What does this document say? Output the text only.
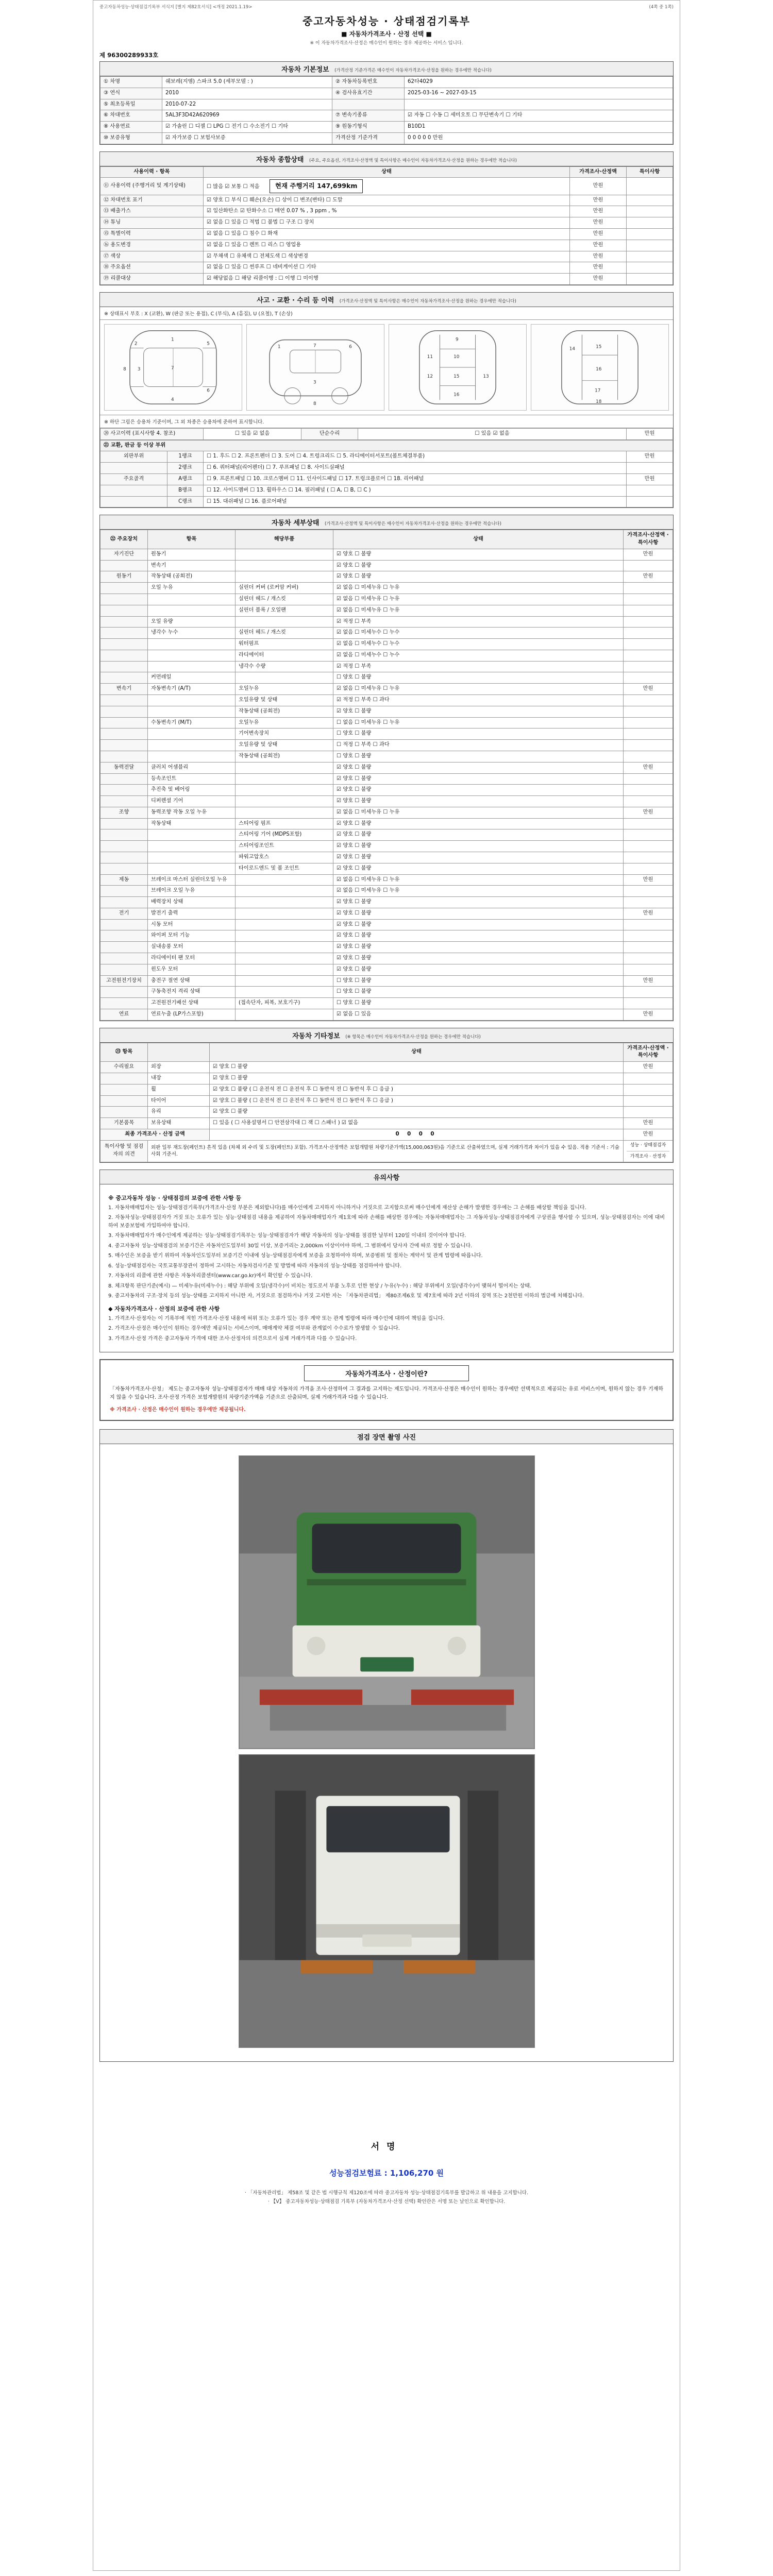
중고자동차성능·상태점검기록부 서식지 [별지 제82호서식] <개정 2021.1.19>	(4쪽 중 1쪽)
중고자동차성능 · 상태점검기록부
■ 자동차가격조사 · 산정 선택 ■
※ 이 자동차가격조사·산정은 매수인이 원하는 경우 제공하는 서비스 입니다.
제 96300289933호
자동차 기본정보 (가격산정 기준가격은 매수인이 자동차가격조사·산정을 원하는 경우에만 적습니다)
① 차명	쉐보레(지엠) 스파크 5.0 (세부모델 : )	② 자동차등록번호	62타4029
③ 연식	2010	④ 검사유효기간	2025-03-16 ~ 2027-03-15
⑤ 최초등록일	2010-07-22		
⑥ 차대번호	5AL3F3D42A620969	⑦ 변속기종류	☑ 자동 ☐ 수동 ☐ 세미오토 ☐ 무단변속기 ☐ 기타
⑧ 사용연료	☑ 가솔린 ☐ 디젤 ☐ LPG ☐ 전기 ☐ 수소전기 ☐ 기타	⑨ 원동기형식	B10D1
⑩ 보증유형	☑ 자가보증 ☐ 보험사보증	가격산정 기준가격	0 0 0 0 0 만원
자동차 종합상태 (주요, 주요옵션, 가격조사·산정액 및 특이사항은 매수인이 자동차가격조사·산정을 원하는 경우에만 적습니다)
사용이력 · 항목	상태	가격조사·산정액	특이사항
⑪ 사용이력 (주행거리 및 계기상태)	☐ 많음 ☑ 보통 ☐ 적음 현재 주행거리 147,699km	만원	
⑫ 차대번호 표기	☑ 양호 ☐ 부식 ☐ 훼손(오손) ☐ 상이 ☐ 변조(변타) ☐ 도말	만원	
⑬ 배출가스	☑ 일산화탄소 ☑ 탄화수소 ☐ 매연 0.07 % , 3 ppm , %	만원	
⑭ 튜닝	☑ 없음 ☐ 있음 ☐ 적법 ☐ 불법 ☐ 구조 ☐ 장치	만원	
⑮ 특별이력	☑ 없음 ☐ 있음 ☐ 침수 ☐ 화재	만원	
⑯ 용도변경	☑ 없음 ☐ 있음 ☐ 렌트 ☐ 리스 ☐ 영업용	만원	
⑰ 색상	☑ 무채색 ☐ 유채색 ☐ 전체도색 ☐ 색상변경	만원	
⑱ 주요옵션	☑ 없음 ☐ 있음 ☐ 썬루프 ☐ 네비게이션 ☐ 기타	만원	
⑲ 리콜대상	☑ 해당없음 ☐ 해당 리콜이행 : ☐ 이행 ☐ 미이행	만원	
사고 · 교환 · 수리 등 이력 (가격조사·산정액 및 특이사항은 매수인이 자동차가격조사·산정을 원하는 경우에만 적습니다)
※ 상태표시 부호 : X (교환), W (판금 또는 용접), C (부식), A (흠집), U (요철), T (손상)
1
2
3
4
5
6
7
8
1	6
3
7
8
9
10
11
12	13
15
16
14	15
16
17
18
※ 하단 그림은 승용차 기준이며, 그 외 차종은 승용차에 준하여 표시합니다.
⑳ 사고이력 (표시사항 4. 참조)	☐ 있음 ☑ 없음	단순수리	☐ 있음 ☑ 없음	만원
㉑ 교환, 판금 등 이상 부위			
외판부위	1랭크	☐ 1. 후드 ☐ 2. 프론트펜더 ☐ 3. 도어 ☐ 4. 트렁크리드 ☐ 5. 라디에이터서포트(볼트체결부품)	만원
	2랭크	☐ 6. 쿼터패널(리어펜더) ☐ 7. 루프패널 ☐ 8. 사이드실패널	
주요골격	A랭크	☐ 9. 프론트패널 ☐ 10. 크로스멤버 ☐ 11. 인사이드패널 ☐ 17. 트렁크플로어 ☐ 18. 리어패널	만원
	B랭크	☐ 12. 사이드멤버 ☐ 13. 휠하우스 ☐ 14. 필러패널 ( ☐ A, ☐ B, ☐ C )	
	C랭크	☐ 15. 대쉬패널 ☐ 16. 플로어패널	
자동차 세부상태 (가격조사·산정액 및 특이사항은 매수인이 자동차가격조사·산정을 원하는 경우에만 적습니다)
㉒ 주요장치	항목	해당부품	상태	가격조사·산정액 · 특이사항
자기진단	원동기		☑ 양호 ☐ 불량	만원
	변속기		☑ 양호 ☐ 불량	
원동기	작동상태 (공회전)		☑ 양호 ☐ 불량	만원
	오일 누유	실린더 커버 (로커암 커버)	☑ 없음 ☐ 미세누유 ☐ 누유	
		실린더 헤드 / 개스킷	☑ 없음 ☐ 미세누유 ☐ 누유	
		실린더 블록 / 오일팬	☑ 없음 ☐ 미세누유 ☐ 누유	
	오일 유량		☑ 적정 ☐ 부족	
	냉각수 누수	실린더 헤드 / 개스킷	☑ 없음 ☐ 미세누수 ☐ 누수	
		워터펌프	☑ 없음 ☐ 미세누수 ☐ 누수	
		라디에이터	☑ 없음 ☐ 미세누수 ☐ 누수	
		냉각수 수량	☑ 적정 ☐ 부족	
	커먼레일		☐ 양호 ☐ 불량	
변속기	자동변속기 (A/T)	오일누유	☑ 없음 ☐ 미세누유 ☐ 누유	만원
		오일유량 및 상태	☑ 적정 ☐ 부족 ☐ 과다	
		작동상태 (공회전)	☑ 양호 ☐ 불량	
	수동변속기 (M/T)	오일누유	☐ 없음 ☐ 미세누유 ☐ 누유	
		기어변속장치	☐ 양호 ☐ 불량	
		오일유량 및 상태	☐ 적정 ☐ 부족 ☐ 과다	
		작동상태 (공회전)	☐ 양호 ☐ 불량	
동력전달	클러치 어셈블리		☑ 양호 ☐ 불량	만원
	등속조인트		☑ 양호 ☐ 불량	
	추진축 및 베어링		☑ 양호 ☐ 불량	
	디퍼렌셜 기어		☑ 양호 ☐ 불량	
조향	동력조향 작동 오일 누유		☑ 없음 ☐ 미세누유 ☐ 누유	만원
	작동상태	스티어링 펌프	☑ 양호 ☐ 불량	
		스티어링 기어 (MDPS포함)	☑ 양호 ☐ 불량	
		스티어링조인트	☑ 양호 ☐ 불량	
		파워고압호스	☑ 양호 ☐ 불량	
		타이로드엔드 및 볼 조인트	☑ 양호 ☐ 불량	
제동	브레이크 마스터 실린더오일 누유		☑ 없음 ☐ 미세누유 ☐ 누유	만원
	브레이크 오일 누유		☑ 없음 ☐ 미세누유 ☐ 누유	
	배력장치 상태		☑ 양호 ☐ 불량	
전기	발전기 출력		☑ 양호 ☐ 불량	만원
	시동 모터		☑ 양호 ☐ 불량	
	와이퍼 모터 기능		☑ 양호 ☐ 불량	
	실내송풍 모터		☑ 양호 ☐ 불량	
	라디에이터 팬 모터		☑ 양호 ☐ 불량	
	윈도우 모터		☑ 양호 ☐ 불량	
고전원전기장치	충전구 절연 상태		☐ 양호 ☐ 불량	만원
	구동축전지 격리 상태		☐ 양호 ☐ 불량	
	고전원전기배선 상태	(접속단자, 피복, 보호기구)	☐ 양호 ☐ 불량	
연료	연료누출 (LP가스포함)		☑ 없음 ☐ 있음	만원
자동차 기타정보 (※ 항목은 매수인이 자동차가격조사·산정을 원하는 경우에만 적습니다)
㉓ 항목		상태	가격조사·산정액 · 특이사항
수리필요	외장	☑ 양호 ☐ 불량	만원
	내장	☑ 양호 ☐ 불량	
	휠	☑ 양호 ☐ 불량 ( ☐ 운전석 전 ☐ 운전석 후 ☐ 동반석 전 ☐ 동반석 후 ☐ 응급 )	
	타이어	☑ 양호 ☐ 불량 ( ☐ 운전석 전 ☐ 운전석 후 ☐ 동반석 전 ☐ 동반석 후 ☐ 응급 )	
	유리	☑ 양호 ☐ 불량	
기본품목	보유상태	☐ 있음 ( ☐ 사용설명서 ☐ 안전삼각대 ☐ 잭 ☐ 스패너 ) ☑ 없음	만원
최종 가격조사 · 산정 금액		0 0 0 0	만원
특이사항 및 점검자의 의견	외판 일부 재도장(페인트) 흔적 있음 (차체 외 수리 및 도장(페인트) 포함). 가격조사·산정액은 보험개발원 차량기준가액(15,000,063원)을 기준으로 산출하였으며, 실제 거래가격과 차이가 있을 수 있음. 적용 기준서 : 기술사회 기준서.		성능 · 상태점검자
가격조사 · 산정자
유의사항
※ 중고자동차 성능 · 상태점검의 보증에 관한 사항 등

1. 자동차매매업자는 성능·상태점검기록부(가격조사·산정 부분은 제외합니다)를 매수인에게 고지하지 아니하거나 거짓으로 고지함으로써 매수인에게 재산상 손해가 발생한 경우에는 그 손해를 배상할 책임을 집니다.

2. 자동차성능·상태점검자가 거짓 또는 오류가 있는 성능·상태점검 내용을 제공하여 자동차매매업자가 제1호에 따라 손해를 배상한 경우에는 자동차매매업자는 그 자동차성능·상태점검자에게 구상권을 행사할 수 있으며, 성능·상태점검자는 이에 대비하여 보증보험에 가입하여야 합니다.

3. 자동차매매업자가 매수인에게 제공하는 성능·상태점검기록부는 성능·상태점검자가 해당 자동차의 성능·상태를 점검한 날부터 120일 이내의 것이어야 합니다.

4. 중고자동차 성능·상태점검의 보증기간은 자동차인도일부터 30일 이상, 보증거리는 2,000km 이상이어야 하며, 그 범위에서 당사자 간에 따로 정할 수 있습니다.

5. 매수인은 보증을 받기 위하여 자동차인도일부터 보증기간 이내에 성능·상태점검자에게 보증을 요청하여야 하며, 보증범위 및 절차는 계약서 및 관계 법령에 따릅니다.

6. 성능·상태점검자는 국토교통부장관이 정하여 고시하는 자동차검사기준 및 방법에 따라 자동차의 성능·상태를 점검하여야 합니다.

7. 자동차의 리콜에 관한 사항은 자동차리콜센터(www.car.go.kr)에서 확인할 수 있습니다.

8. 체크항목 판단기준(예시) — 미세누유(미세누수) : 해당 부위에 오일(냉각수)이 비치는 정도로서 부품 노후로 인한 현상 / 누유(누수) : 해당 부위에서 오일(냉각수)이 맺혀서 떨어지는 상태.

9. 중고자동차의 구조·장치 등의 성능·상태를 고지하지 아니한 자, 거짓으로 점검하거나 거짓 고지한 자는 「자동차관리법」 제80조제6호 및 제7호에 따라 2년 이하의 징역 또는 2천만원 이하의 벌금에 처해집니다.

◆ 자동차가격조사 · 산정의 보증에 관한 사항

1. 가격조사·산정자는 이 기록부에 적힌 가격조사·산정 내용에 허위 또는 오류가 있는 경우 계약 또는 관계 법령에 따라 매수인에 대하여 책임을 집니다.

2. 가격조사·산정은 매수인이 원하는 경우에만 제공되는 서비스이며, 매매계약 체결 여부와 관계없이 수수료가 발생할 수 있습니다.

3. 가격조사·산정 가격은 중고자동차 가격에 대한 조사·산정자의 의견으로서 실제 거래가격과 다를 수 있습니다.

자동차가격조사 · 산정이란?

「자동차가격조사·산정」 제도는 중고자동차 성능·상태점검자가 매매 대상 자동차의 가격을 조사·산정하여 그 결과를 고지하는 제도입니다. 가격조사·산정은 매수인이 원하는 경우에만 선택적으로 제공되는 유료 서비스이며, 원하지 않는 경우 기재하지 않을 수 있습니다. 조사·산정 가격은 보험개발원의 차량기준가액을 기준으로 산출되며, 실제 거래가격과 다를 수 있습니다.

※ 가격조사 · 산정은 매수인이 원하는 경우에만 제공됩니다.

점검 장면 촬영 사진
서명
성능점검보험료 : 1,106,270 원
· 「자동차관리법」 제58조 및 같은 법 시행규칙 제120조에 따라 중고자동차 성능·상태점검기록부를 발급하고 위 내용을 고지합니다.
· 【V】 중고자동차성능·상태점검 기록부 (자동차가격조사·산정 선택) 확인란은 서명 또는 날인으로 확인합니다.
